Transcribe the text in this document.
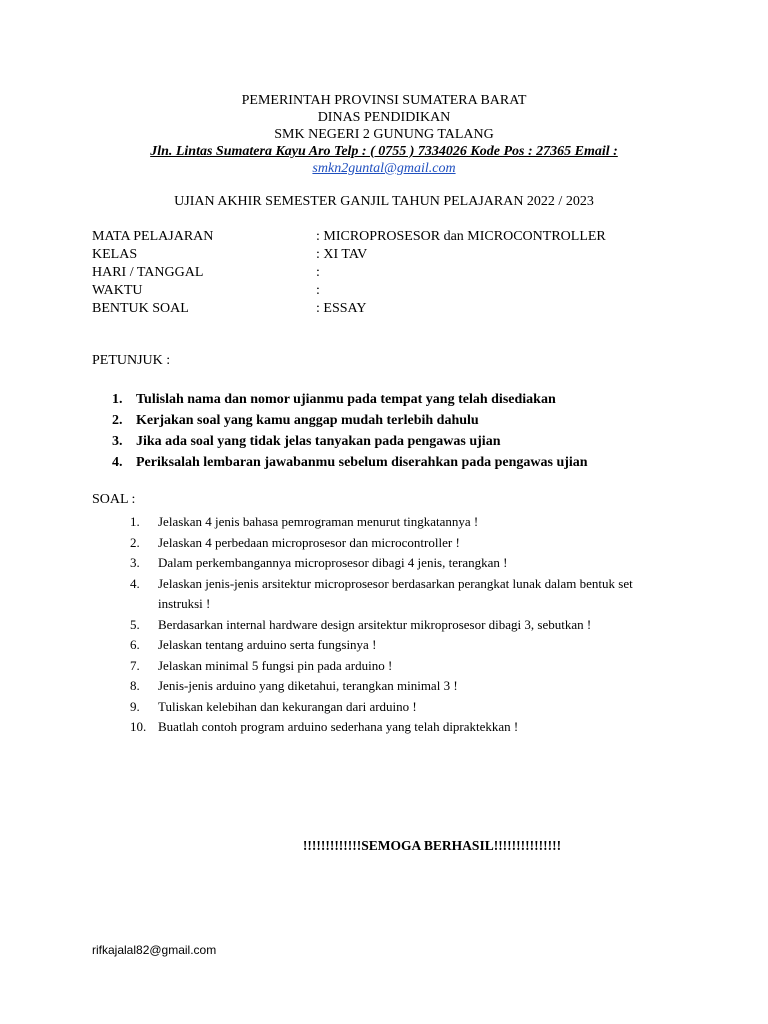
PEMERINTAH PROVINSI SUMATERA BARAT
DINAS PENDIDIKAN
SMK NEGERI 2 GUNUNG TALANG
Jln. Lintas Sumatera Kayu Aro Telp : ( 0755 ) 7334026 Kode Pos : 27365 Email :
smkn2guntal@gmail.com
UJIAN AKHIR SEMESTER GANJIL TAHUN PELAJARAN 2022 / 2023
MATA PELAJARAN	: MICROPROSESOR dan MICROCONTROLLER
KELAS	: XI TAV
HARI / TANGGAL	:
WAKTU	:
BENTUK SOAL	: ESSAY
PETUNJUK :
1. Tulislah nama dan nomor ujianmu pada tempat yang telah disediakan
2. Kerjakan soal yang kamu anggap mudah terlebih dahulu
3. Jika ada soal yang tidak jelas tanyakan pada pengawas ujian
4. Periksalah lembaran jawabanmu sebelum diserahkan pada pengawas ujian
SOAL :
1.	Jelaskan 4 jenis bahasa pemrograman menurut tingkatannya !
2.	Jelaskan 4 perbedaan microprosesor dan microcontroller !
3.	Dalam perkembangannya microprosesor dibagi 4 jenis, terangkan !
4.	Jelaskan jenis-jenis arsitektur microprosesor berdasarkan perangkat lunak dalam bentuk set instruksi !
5.	Berdasarkan internal hardware design arsitektur mikroprosesor dibagi 3, sebutkan !
6.	Jelaskan tentang arduino serta fungsinya !
7.	Jelaskan minimal 5 fungsi pin pada arduino !
8.	Jenis-jenis arduino yang diketahui, terangkan minimal 3 !
9.	Tuliskan kelebihan dan kekurangan dari arduino !
10. Buatlah contoh program arduino sederhana yang telah dipraktekkan !
!!!!!!!!!!!!!SEMOGA BERHASIL!!!!!!!!!!!!!!!
rifkajalal82@gmail.com
